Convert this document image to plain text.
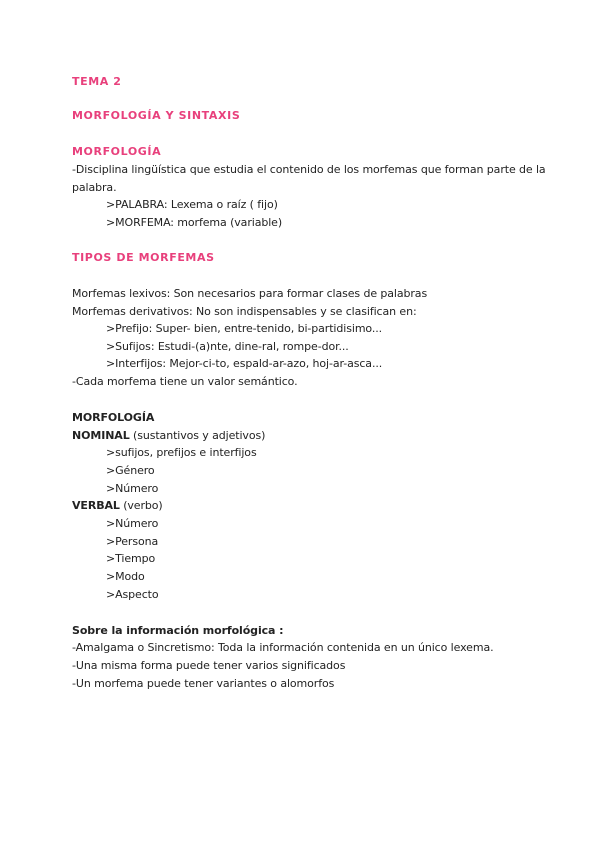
TEMA 2
MORFOLOGÍA Y SINTAXIS
MORFOLOGÍA
-Disciplina lingüística que estudia el contenido de los morfemas que forman parte de la
palabra.
>PALABRA: Lexema o raíz ( fijo)
>MORFEMA: morfema (variable)
TIPOS DE MORFEMAS
Morfemas lexivos: Son necesarios para formar clases de palabras
Morfemas derivativos: No son indispensables y se clasifican en:
>Prefijo: Super- bien, entre-tenido, bi-partidisimo...
>Sufijos: Estudi-(a)nte, dine-ral, rompe-dor...
>Interfijos: Mejor-ci-to, espald-ar-azo, hoj-ar-asca...
-Cada morfema tiene un valor semántico.
MORFOLOGÍA
NOMINAL (sustantivos y adjetivos)
>sufijos, prefijos e interfijos
>Género
>Número
VERBAL (verbo)
>Número
>Persona
>Tiempo
>Modo
>Aspecto
Sobre la información morfológica :
-Amalgama o Sincretismo: Toda la información contenida en un único lexema.
-Una misma forma puede tener varios significados
-Un morfema puede tener variantes o alomorfos
